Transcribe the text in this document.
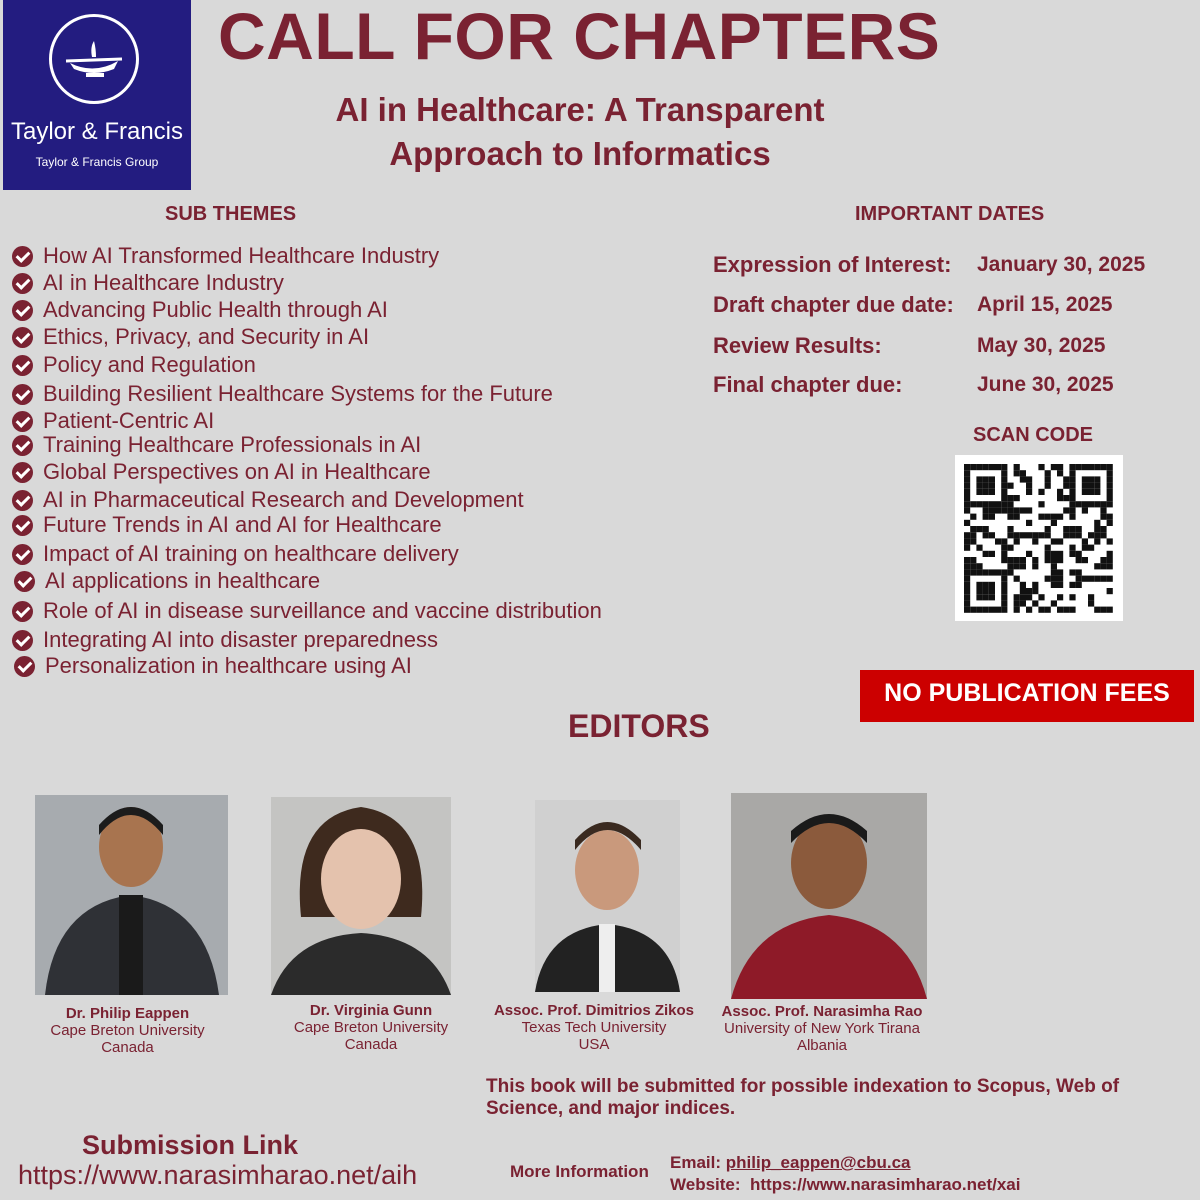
Taylor & Francis
Taylor & Francis Group
CALL FOR CHAPTERS
AI in Healthcare: A Transparent
Approach to Informatics
SUB THEMES
How AI Transformed Healthcare Industry
AI in Healthcare Industry
Advancing Public Health through AI
Ethics, Privacy, and Security in AI
Policy and Regulation
Building Resilient Healthcare Systems for the Future
Patient-Centric AI
Training Healthcare Professionals in AI
Global Perspectives on AI in Healthcare
AI in Pharmaceutical Research and Development
Future Trends in AI and AI for Healthcare
Impact of AI training on healthcare delivery
AI applications in healthcare
Role of AI in disease surveillance and vaccine distribution
Integrating AI into disaster preparedness
Personalization in healthcare using AI
IMPORTANT DATES
Expression of Interest: January 30, 2025
Draft chapter due date: April 15, 2025
Review Results:	May 30, 2025
Final chapter due:	June 30, 2025
SCAN CODE
NO PUBLICATION FEES
EDITORS
Dr. Philip Eappen
Cape Breton University
Canada
Dr. Virginia Gunn
Cape Breton University
Canada
Assoc. Prof. Dimitrios Zikos
Texas Tech University
USA
Assoc. Prof. Narasimha Rao
University of New York Tirana
Albania
This book will be submitted for possible indexation to Scopus, Web of Science, and major indices.
Submission Link
https://www.narasimharao.net/aih	More Information Email: philip_eappen@cbu.ca
Website: https://www.narasimharao.net/xai
